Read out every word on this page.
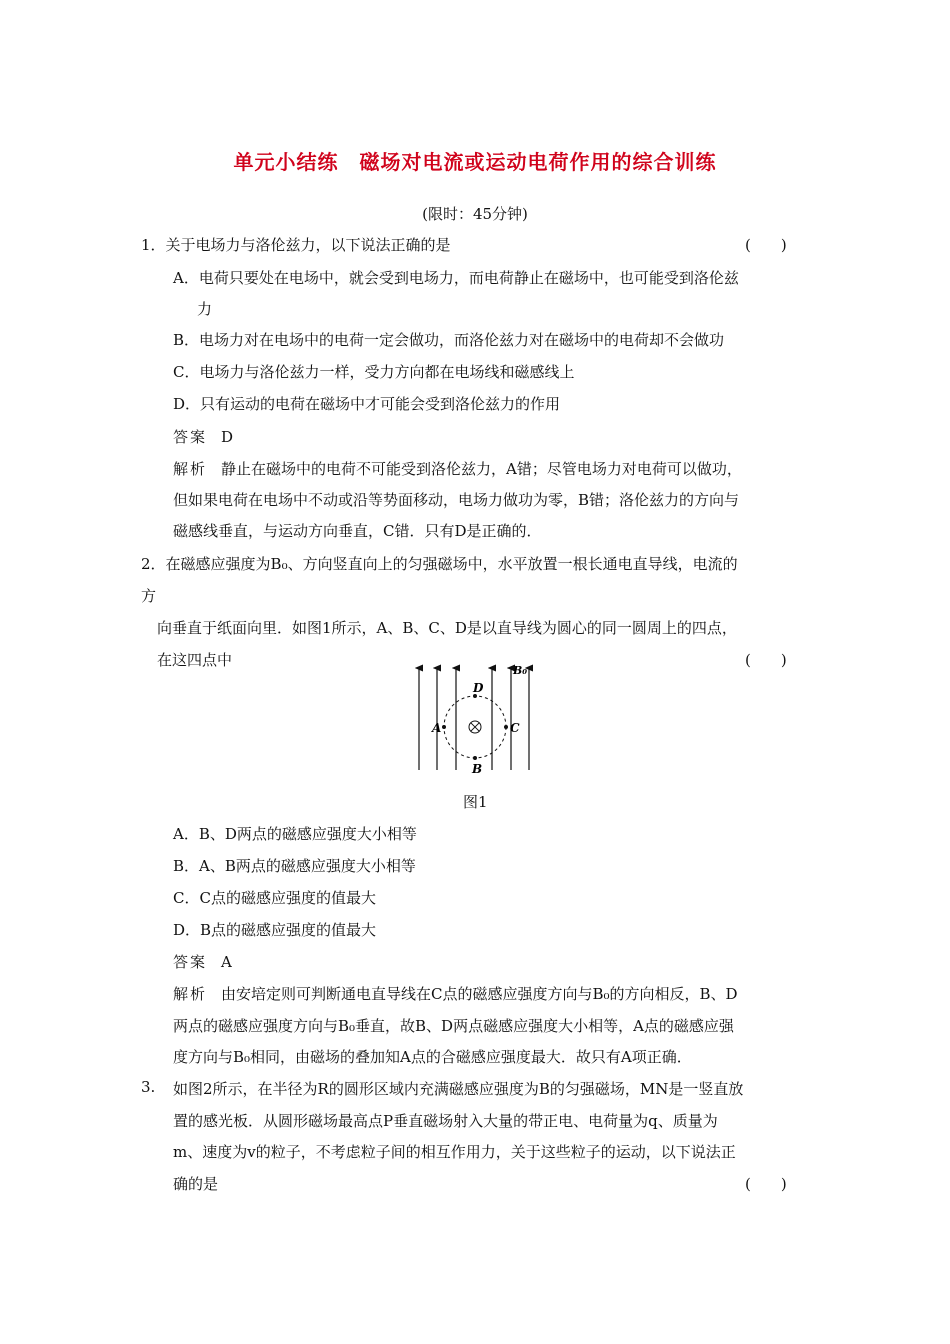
单元小结练　磁场对电流或运动电荷作用的综合训练
(限时：45分钟)
1．关于电场力与洛伦兹力，以下说法正确的是	(　　)
A．电荷只要处在电场中，就会受到电场力，而电荷静止在磁场中，也可能受到洛伦兹
力
B．电场力对在电场中的电荷一定会做功，而洛伦兹力对在磁场中的电荷却不会做功
C．电场力与洛伦兹力一样，受力方向都在电场线和磁感线上
D．只有运动的电荷在磁场中才可能会受到洛伦兹力的作用
答案 D
解析 静止在磁场中的电荷不可能受到洛伦兹力，A错；尽管电场力对电荷可以做功，
但如果电荷在电场中不动或沿等势面移动，电场力做功为零，B错；洛伦兹力的方向与
磁感线垂直，与运动方向垂直，C错．只有D是正确的．
2．在磁感应强度为B₀、方向竖直向上的匀强磁场中，水平放置一根长通电直导线，电流的
方
向垂直于纸面向里．如图1所示，A、B、C、D是以直导线为圆心的同一圆周上的四点，
在这四点中	(　　)
D
B
A	C
B₀
图1
A．B、D两点的磁感应强度大小相等
B．A、B两点的磁感应强度大小相等
C．C点的磁感应强度的值最大
D．B点的磁感应强度的值最大
答案 A
解析 由安培定则可判断通电直导线在C点的磁感应强度方向与B₀的方向相反，B、D
两点的磁感应强度方向与B₀垂直，故B、D两点磁感应强度大小相等，A点的磁感应强
度方向与B₀相同，由磁场的叠加知A点的合磁感应强度最大．故只有A项正确．
3. 如图2所示，在半径为R的圆形区域内充满磁感应强度为B的匀强磁场，MN是一竖直放
置的感光板．从圆形磁场最高点P垂直磁场射入大量的带正电、电荷量为q、质量为
m、速度为v的粒子，不考虑粒子间的相互作用力，关于这些粒子的运动，以下说法正
确的是	(　　)
